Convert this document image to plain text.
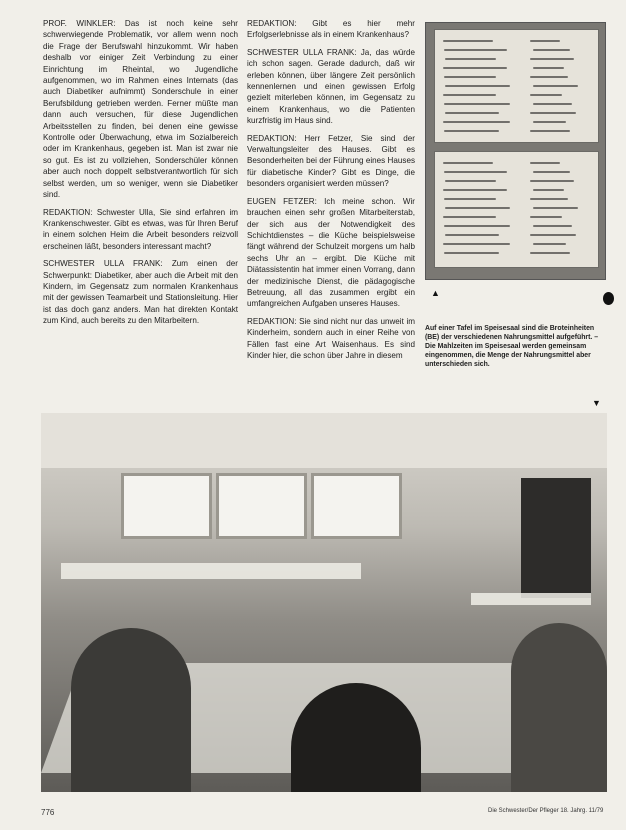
PROF. WINKLER: Das ist noch keine sehr schwerwiegende Problematik, vor allem wenn noch die Frage der Berufswahl hinzukommt. Wir haben deshalb vor einiger Zeit Verbindung zu einer Einrichtung im Rheintal, wo Jugendliche aufgenommen, wo im Rahmen eines Internats (das auch Diabetiker aufnimmt) Sonderschule in einer Berufsbildung getrieben werden. Ferner müßte man dann auch versuchen, für diese Jugendlichen Arbeitsstellen zu finden, bei denen eine gewisse Kontrolle oder Überwachung, etwa im Sozialbereich oder im Krankenhaus, gegeben ist. Man ist zwar nie so gut. Es ist zu vollziehen, Sonderschüler können aber auch noch doppelt selbstverantwortlich für sich selbst werden, um so weniger, wenn sie Diabetiker sind.

REDAKTION: Schwester Ulla, Sie sind erfahren im Krankenschwester. Gibt es etwas, was für Ihren Beruf in einem solchen Heim die Arbeit besonders reizvoll erscheinen läßt, besonders interessant macht?

SCHWESTER ULLA FRANK: Zum einen der Schwerpunkt: Diabetiker, aber auch die Arbeit mit den Kindern, im Gegensatz zum normalen Krankenhaus mit der gewissen Teamarbeit und Stationsleitung. Hier ist das doch ganz anders. Man hat direkten Kontakt zum Kind, auch bereits zu den Mitarbeitern.

REDAKTION: Gibt es hier mehr Erfolgserlebnisse als in einem Krankenhaus?

SCHWESTER ULLA FRANK: Ja, das würde ich schon sagen. Gerade dadurch, daß wir erleben können, über längere Zeit persönlich kennenlernen und einen gewissen Erfolg gezielt miterleben können, im Gegensatz zu einem Krankenhaus, wo die Patienten kurzfristig im Haus sind.

REDAKTION: Herr Fetzer, Sie sind der Verwaltungsleiter des Hauses. Gibt es Besonderheiten bei der Führung eines Hauses für diabetische Kinder? Gibt es Dinge, die besonders organisiert werden müssen?

EUGEN FETZER: Ich meine schon. Wir brauchen einen sehr großen Mitarbeiterstab, der sich aus der Notwendigkeit des Schichtdienstes – die Küche beispielsweise fängt während der Schulzeit morgens um halb sechs Uhr an – ergibt. Die Küche mit Diätassistentin hat immer einen Vorrang, dann der medizinische Dienst, die pädagogische Betreuung, all das zusammen ergibt ein umfangreichen Aufgaben unseres Hauses.

REDAKTION: Sie sind nicht nur das unweit im Kinderheim, sondern auch in einer Reihe von Fällen fast eine Art Waisenhaus. Es sind Kinder hier, die schon über Jahre in diesem

▲
Auf einer Tafel im Speisesaal sind die Broteinheiten (BE) der verschiedenen Nahrungsmittel aufgeführt. – Die Mahlzeiten im Speisesaal werden gemeinsam eingenommen, die Menge der Nahrungsmittel aber unterschieden sich.
▼
776	Die Schwester/Der Pfleger 18. Jahrg. 11/79
